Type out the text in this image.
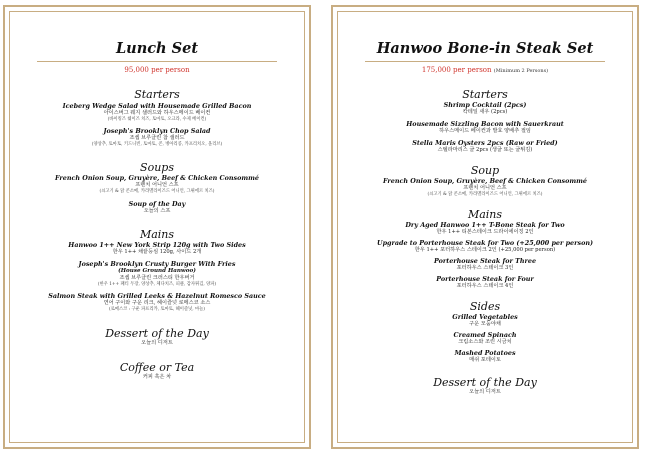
Lunch Set
95,000 per person
Starters
Iceberg Wedge Salad with Housemade Grilled Bacon
아이스버그 웨지 샐러드와 하우스메이드 베이컨
(바이킹즈 쉐이즈 치즈, 토마토, 오크라, 수제 베이컨)
Joseph's Brooklyn Chop Salad
조셉 브루클린 찹 샐러드
(양상추, 토마토, 키드니빈, 토마토, 콘, 병아리콩, 카프리치오, 올리브)
Soups
French Onion Soup, Gruyère, Beef & Chicken Consommé
프렌치 어니언 스프
(쇠고기 & 닭 콘소메, 카라멜라이즈드 어니언, 그뤼에르 치즈)
Soup of the Day
오늘의 스프
Mains
Hanwoo 1++ New York Strip 120g with Two Sides
한우 1++ 채끝등심 120g, 사이드 2개
Joseph's Brooklyn Crusty Burger With Fries
(House Ground Hanwoo)
조셉 브루클린 크러스티 한우버거
(한우 1++ 패티 두장, 양상추, 체다치즈, 피클, 감자튀김, 양파)
Salmon Steak with Grilled Leeks & Hazelnut Romesco Sauce
연어 구이와 구운 리크, 헤이즐넛 로메스코 소스
(로메스코 : 구운 파프리카, 토마토, 헤이즐넛, 마늘)
Dessert of the Day
오늘의 디저트
Coffee or Tea
커피 혹은 차
Hanwoo Bone-in Steak Set
175,000 per person (Minimum 2 Persons)
Starters
Shrimp Cocktail (2pcs)
칵테일 새우 (2pcs)
Housemade Sizzling Bacon with Sauerkraut
하우스메이드 베이컨과 발효 양배추 절임
Stella Maris Oysters 2pcs (Raw or Fried)
스텔라마리스 굴 2pcs (생굴 또는 굴튀김)
Soup
French Onion Soup, Gruyère, Beef & Chicken Consommé
프렌치 어니언 스프
(쇠고기 & 닭 콘소메, 카라멜라이즈드 어니언, 그뤼에르 치즈)
Mains
Dry Aged Hanwoo 1++ T-Bone Steak for Two
한우 1++ 티본스테이크 드라이에이징 2인
Upgrade to Porterhouse Steak for Two (+25,000 per person)
한우 1++ 포터하우스 스테이크 2인 (+25,000 per person)
Porterhouse Steak for Three
포터하우스 스테이크 3인
Porterhouse Steak for Four
포터하우스 스테이크 4인
Sides
Grilled Vegetables
구운 모둠야채
Creamed Spinach
크림소스와 조린 시금치
Mashed Potatoes
매쉬 포테이토
Dessert of the Day
오늘의 디저트
